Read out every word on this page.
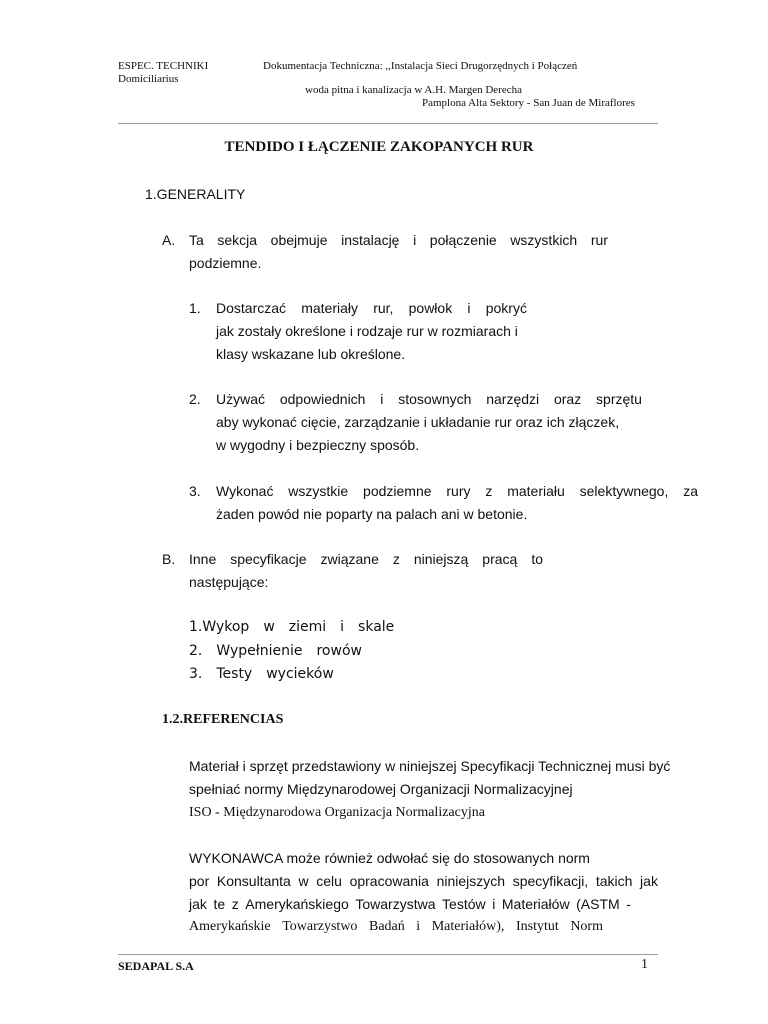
ESPEC. TECHNIKI
Domiciliarius
Dokumentacja Techniczna: ,,Instalacja Sieci Drugorzędnych i Połączeń
woda pitna i kanalizacja w A.H. Margen Derecha
Pamplona Alta Sektory - San Juan de Miraflores
TENDIDO I ŁĄCZENIE ZAKOPANYCH RUR
1.GENERALITY
A. Ta sekcja obejmuje instalację i połączenie wszystkich rur
podziemne.
1. Dostarczać materiały rur, powłok i pokryć
jak zostały określone i rodzaje rur w rozmiarach i
klasy wskazane lub określone.
2. Używać odpowiednich i stosownych narzędzi oraz sprzętu
aby wykonać cięcie, zarządzanie i układanie rur oraz ich złączek,
w wygodny i bezpieczny sposób.
3. Wykonać wszystkie podziemne rury z materiału selektywnego, za
żaden powód nie poparty na palach ani w betonie.
B. Inne specyfikacje związane z niniejszą pracą to
następujące:
1.Wykop w ziemi i skale
2. Wypełnienie rowów
3. Testy wycieków
1.2.REFERENCIAS
Materiał i sprzęt przedstawiony w niniejszej Specyfikacji Technicznej musi być
spełniać normy Międzynarodowej Organizacji Normalizacyjnej
ISO - Międzynarodowa Organizacja Normalizacyjna
WYKONAWCA może również odwołać się do stosowanych norm
por Konsultanta w celu opracowania niniejszych specyfikacji, takich jak
jak te z Amerykańskiego Towarzystwa Testów i Materiałów (ASTM -
Amerykańskie Towarzystwo Badań i Materiałów), Instytut Norm
SEDAPAL S.A	1
